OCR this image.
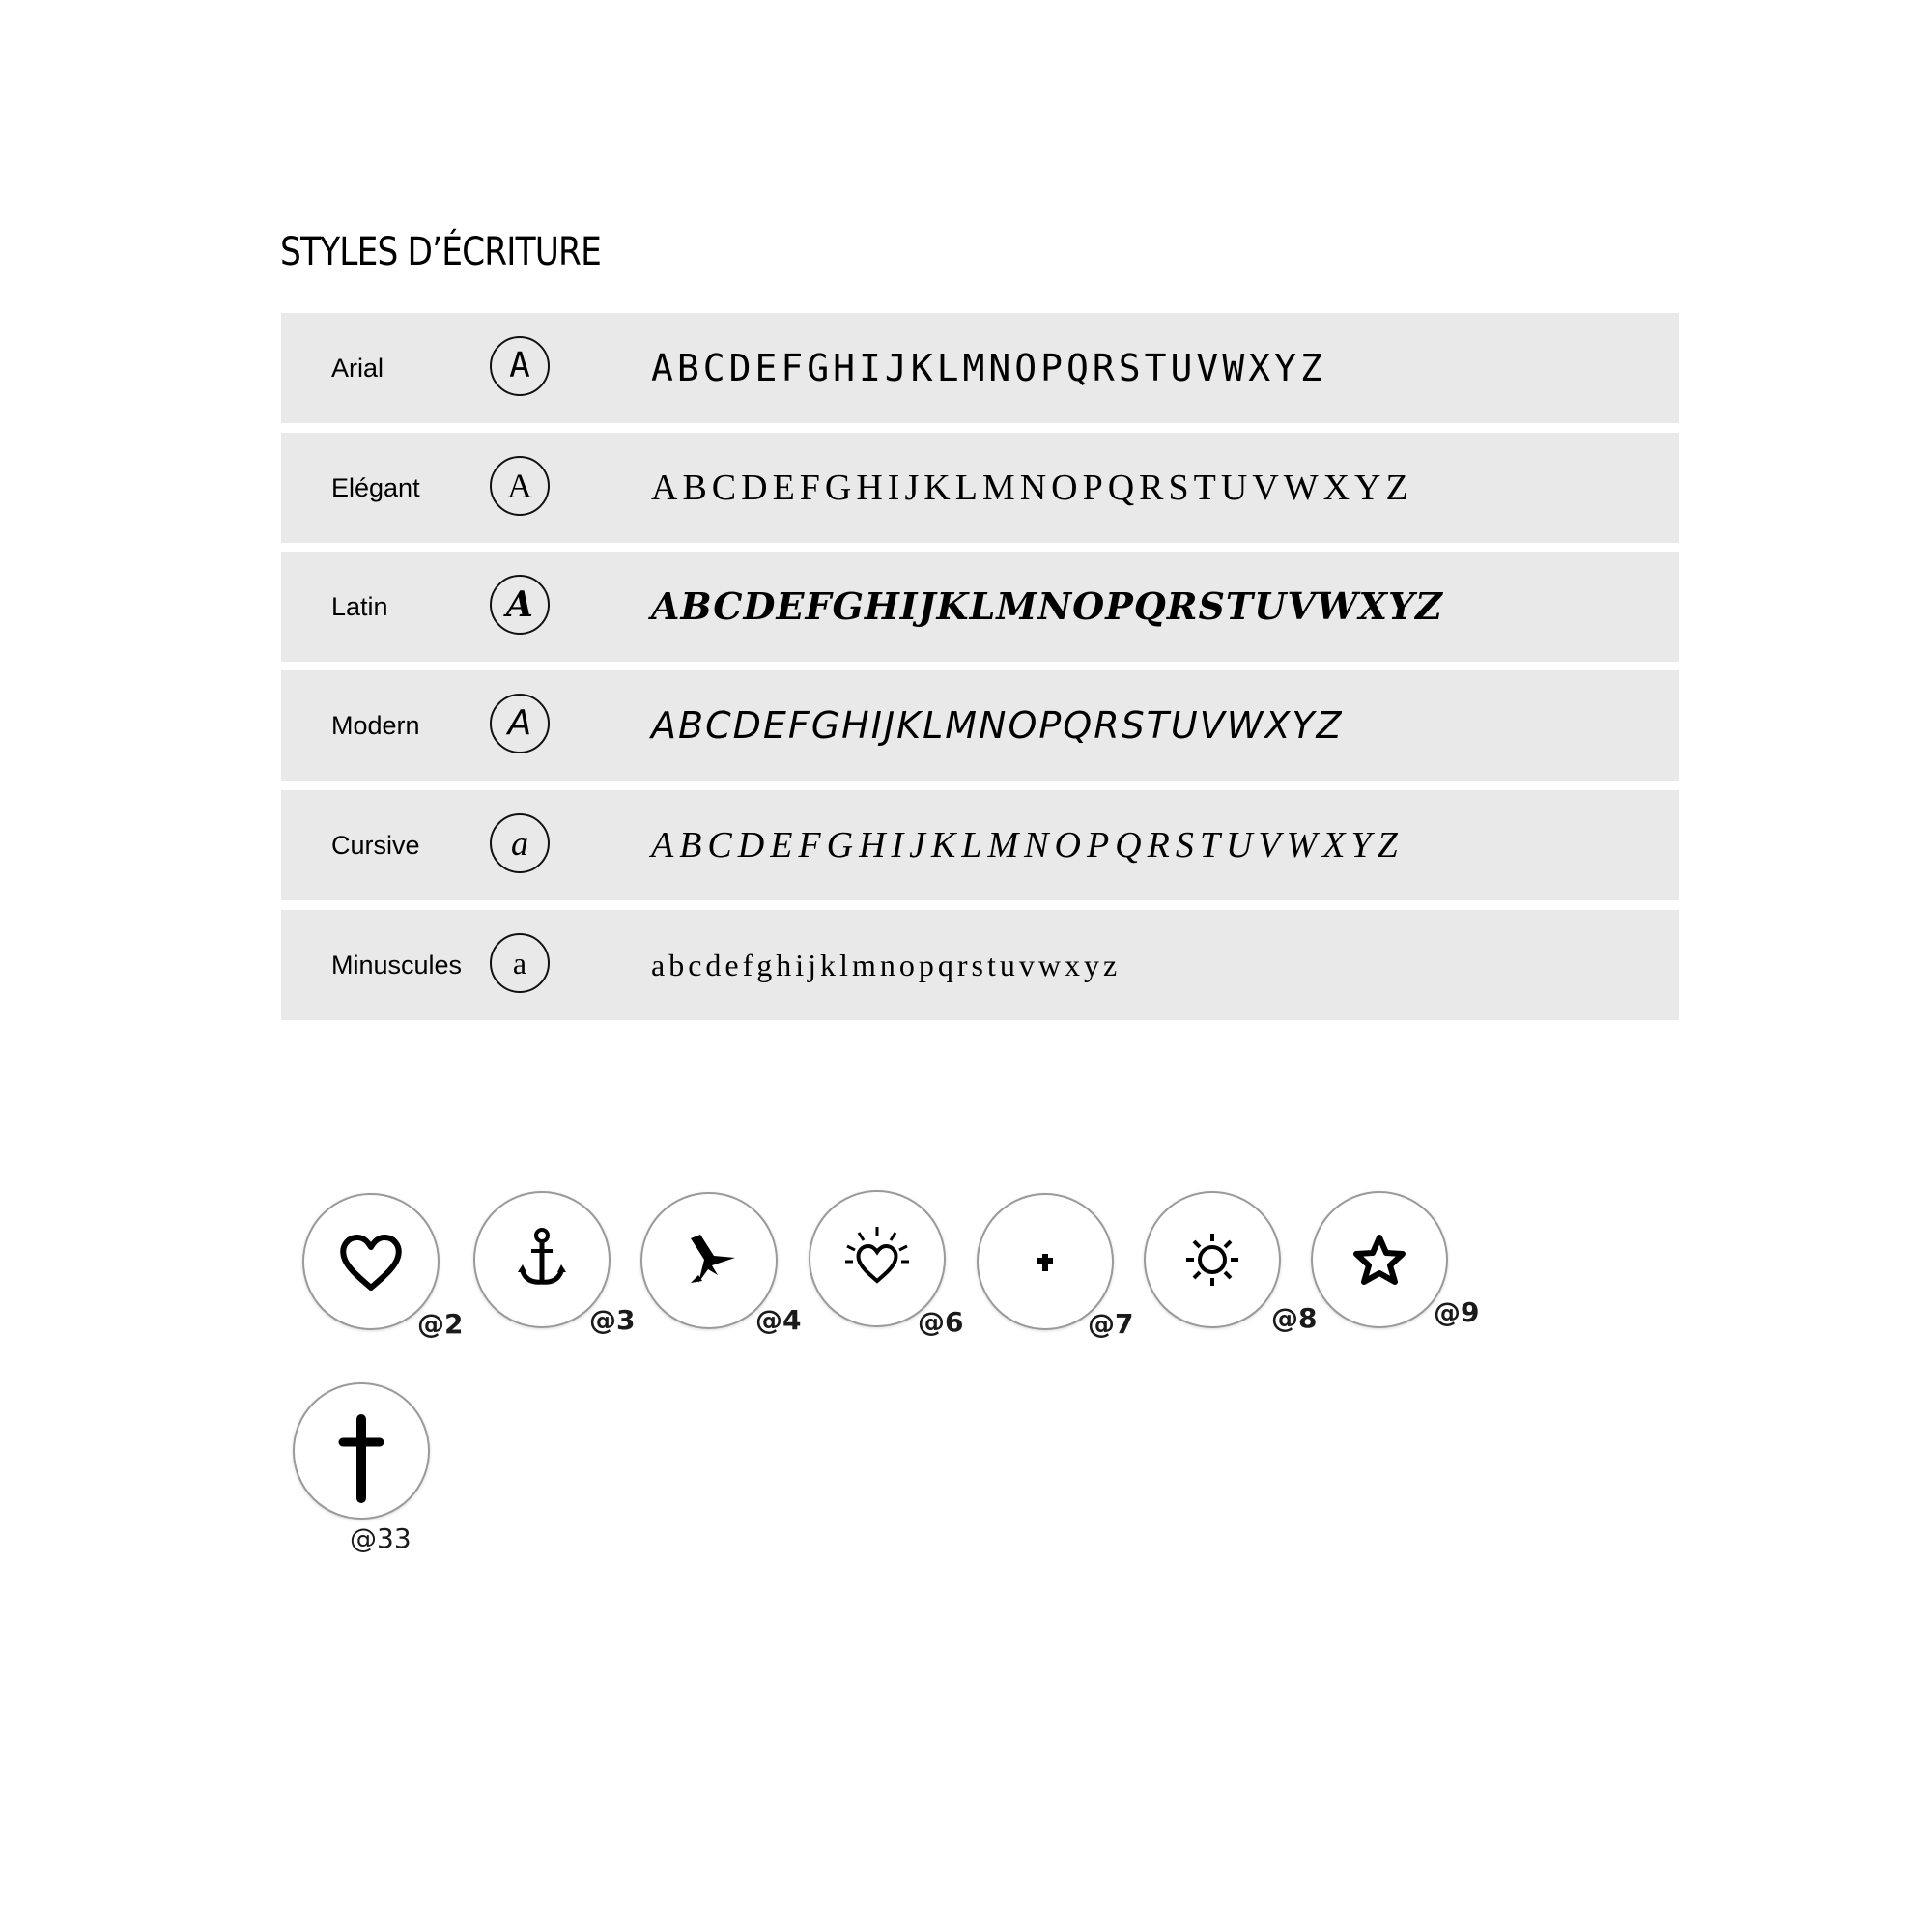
STYLES D’ÉCRITURE
Arial	A	ABCDEFGHIJKLMNOPQRSTUVWXYZ
Elégant	A	ABCDEFGHIJKLMNOPQRSTUVWXYZ
Latin	A	ABCDEFGHIJKLMNOPQRSTUVWXYZ
Modern	A	ABCDEFGHIJKLMNOPQRSTUVWXYZ
Cursive	a	ABCDEFGHIJKLMNOPQRSTUVWXYZ
Minuscules	a	abcdefghijklmnopqrstuvwxyz
@2	@3	@4	@6	@7	@8	@9
@33
